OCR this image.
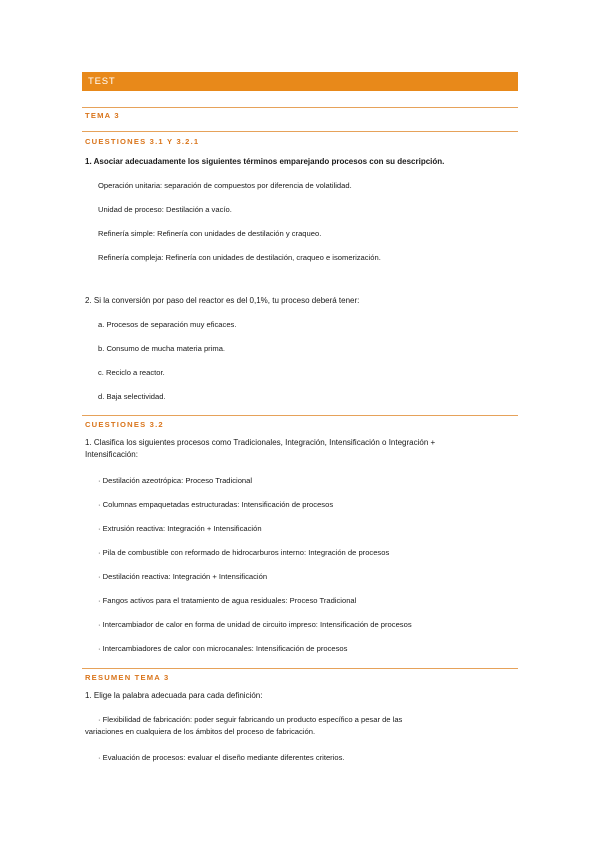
TEST
TEMA 3
CUESTIONES 3.1 Y 3.2.1
1. Asociar adecuadamente los siguientes términos emparejando procesos con su descripción.
Operación unitaria: separación de compuestos por diferencia de volatilidad.
Unidad de proceso: Destilación a vacío.
Refinería simple: Refinería con unidades de destilación y craqueo.
Refinería compleja: Refinería con unidades de destilación, craqueo e isomerización.
2. Si la conversión por paso del reactor es del 0,1%, tu proceso deberá tener:
a. Procesos de separación muy eficaces.
b. Consumo de mucha materia prima.
c. Reciclo a reactor.
d. Baja selectividad.
CUESTIONES 3.2
1. Clasifica los siguientes procesos como Tradicionales, Integración, Intensificación o Integración +
Intensificación:
· Destilación azeotrópica: Proceso Tradicional
· Columnas empaquetadas estructuradas: Intensificación de procesos
· Extrusión reactiva: Integración + Intensificación
· Pila de combustible con reformado de hidrocarburos interno: Integración de procesos
· Destilación reactiva: Integración + Intensificación
· Fangos activos para el tratamiento de agua residuales: Proceso Tradicional
· Intercambiador de calor en forma de unidad de circuito impreso: Intensificación de procesos
· Intercambiadores de calor con microcanales: Intensificación de procesos
RESUMEN TEMA 3
1. Elige la palabra adecuada para cada definición:
· Flexibilidad de fabricación: poder seguir fabricando un producto específico a pesar de las
variaciones en cualquiera de los ámbitos del proceso de fabricación.
· Evaluación de procesos: evaluar el diseño mediante diferentes criterios.
